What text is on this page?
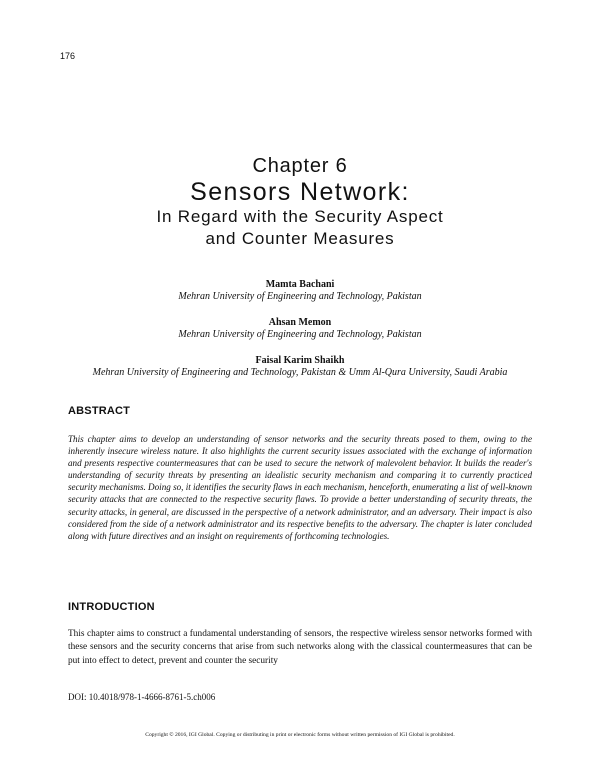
176
Chapter 6
Sensors Network:
In Regard with the Security Aspect
and Counter Measures
Mamta Bachani
Mehran University of Engineering and Technology, Pakistan
Ahsan Memon
Mehran University of Engineering and Technology, Pakistan
Faisal Karim Shaikh
Mehran University of Engineering and Technology, Pakistan & Umm Al-Qura University, Saudi Arabia
ABSTRACT
This chapter aims to develop an understanding of sensor networks and the security threats posed to them, owing to the inherently insecure wireless nature. It also highlights the current security issues associated with the exchange of information and presents respective countermeasures that can be used to secure the network of malevolent behavior. It builds the reader's understanding of security threats by presenting an idealistic security mechanism and comparing it to currently practiced security mechanisms. Doing so, it identifies the security flaws in each mechanism, henceforth, enumerating a list of well-known security attacks that are connected to the respective security flaws. To provide a better understanding of security threats, the security attacks, in general, are discussed in the perspective of a network administrator, and an adversary. Their impact is also considered from the side of a network administrator and its respective benefits to the adversary. The chapter is later concluded along with future directives and an insight on requirements of forthcoming technologies.
INTRODUCTION
This chapter aims to construct a fundamental understanding of sensors, the respective wireless sensor networks formed with these sensors and the security concerns that arise from such networks along with the classical countermeasures that can be put into effect to detect, prevent and counter the security
DOI: 10.4018/978-1-4666-8761-5.ch006
Copyright © 2016, IGI Global. Copying or distributing in print or electronic forms without written permission of IGI Global is prohibited.
